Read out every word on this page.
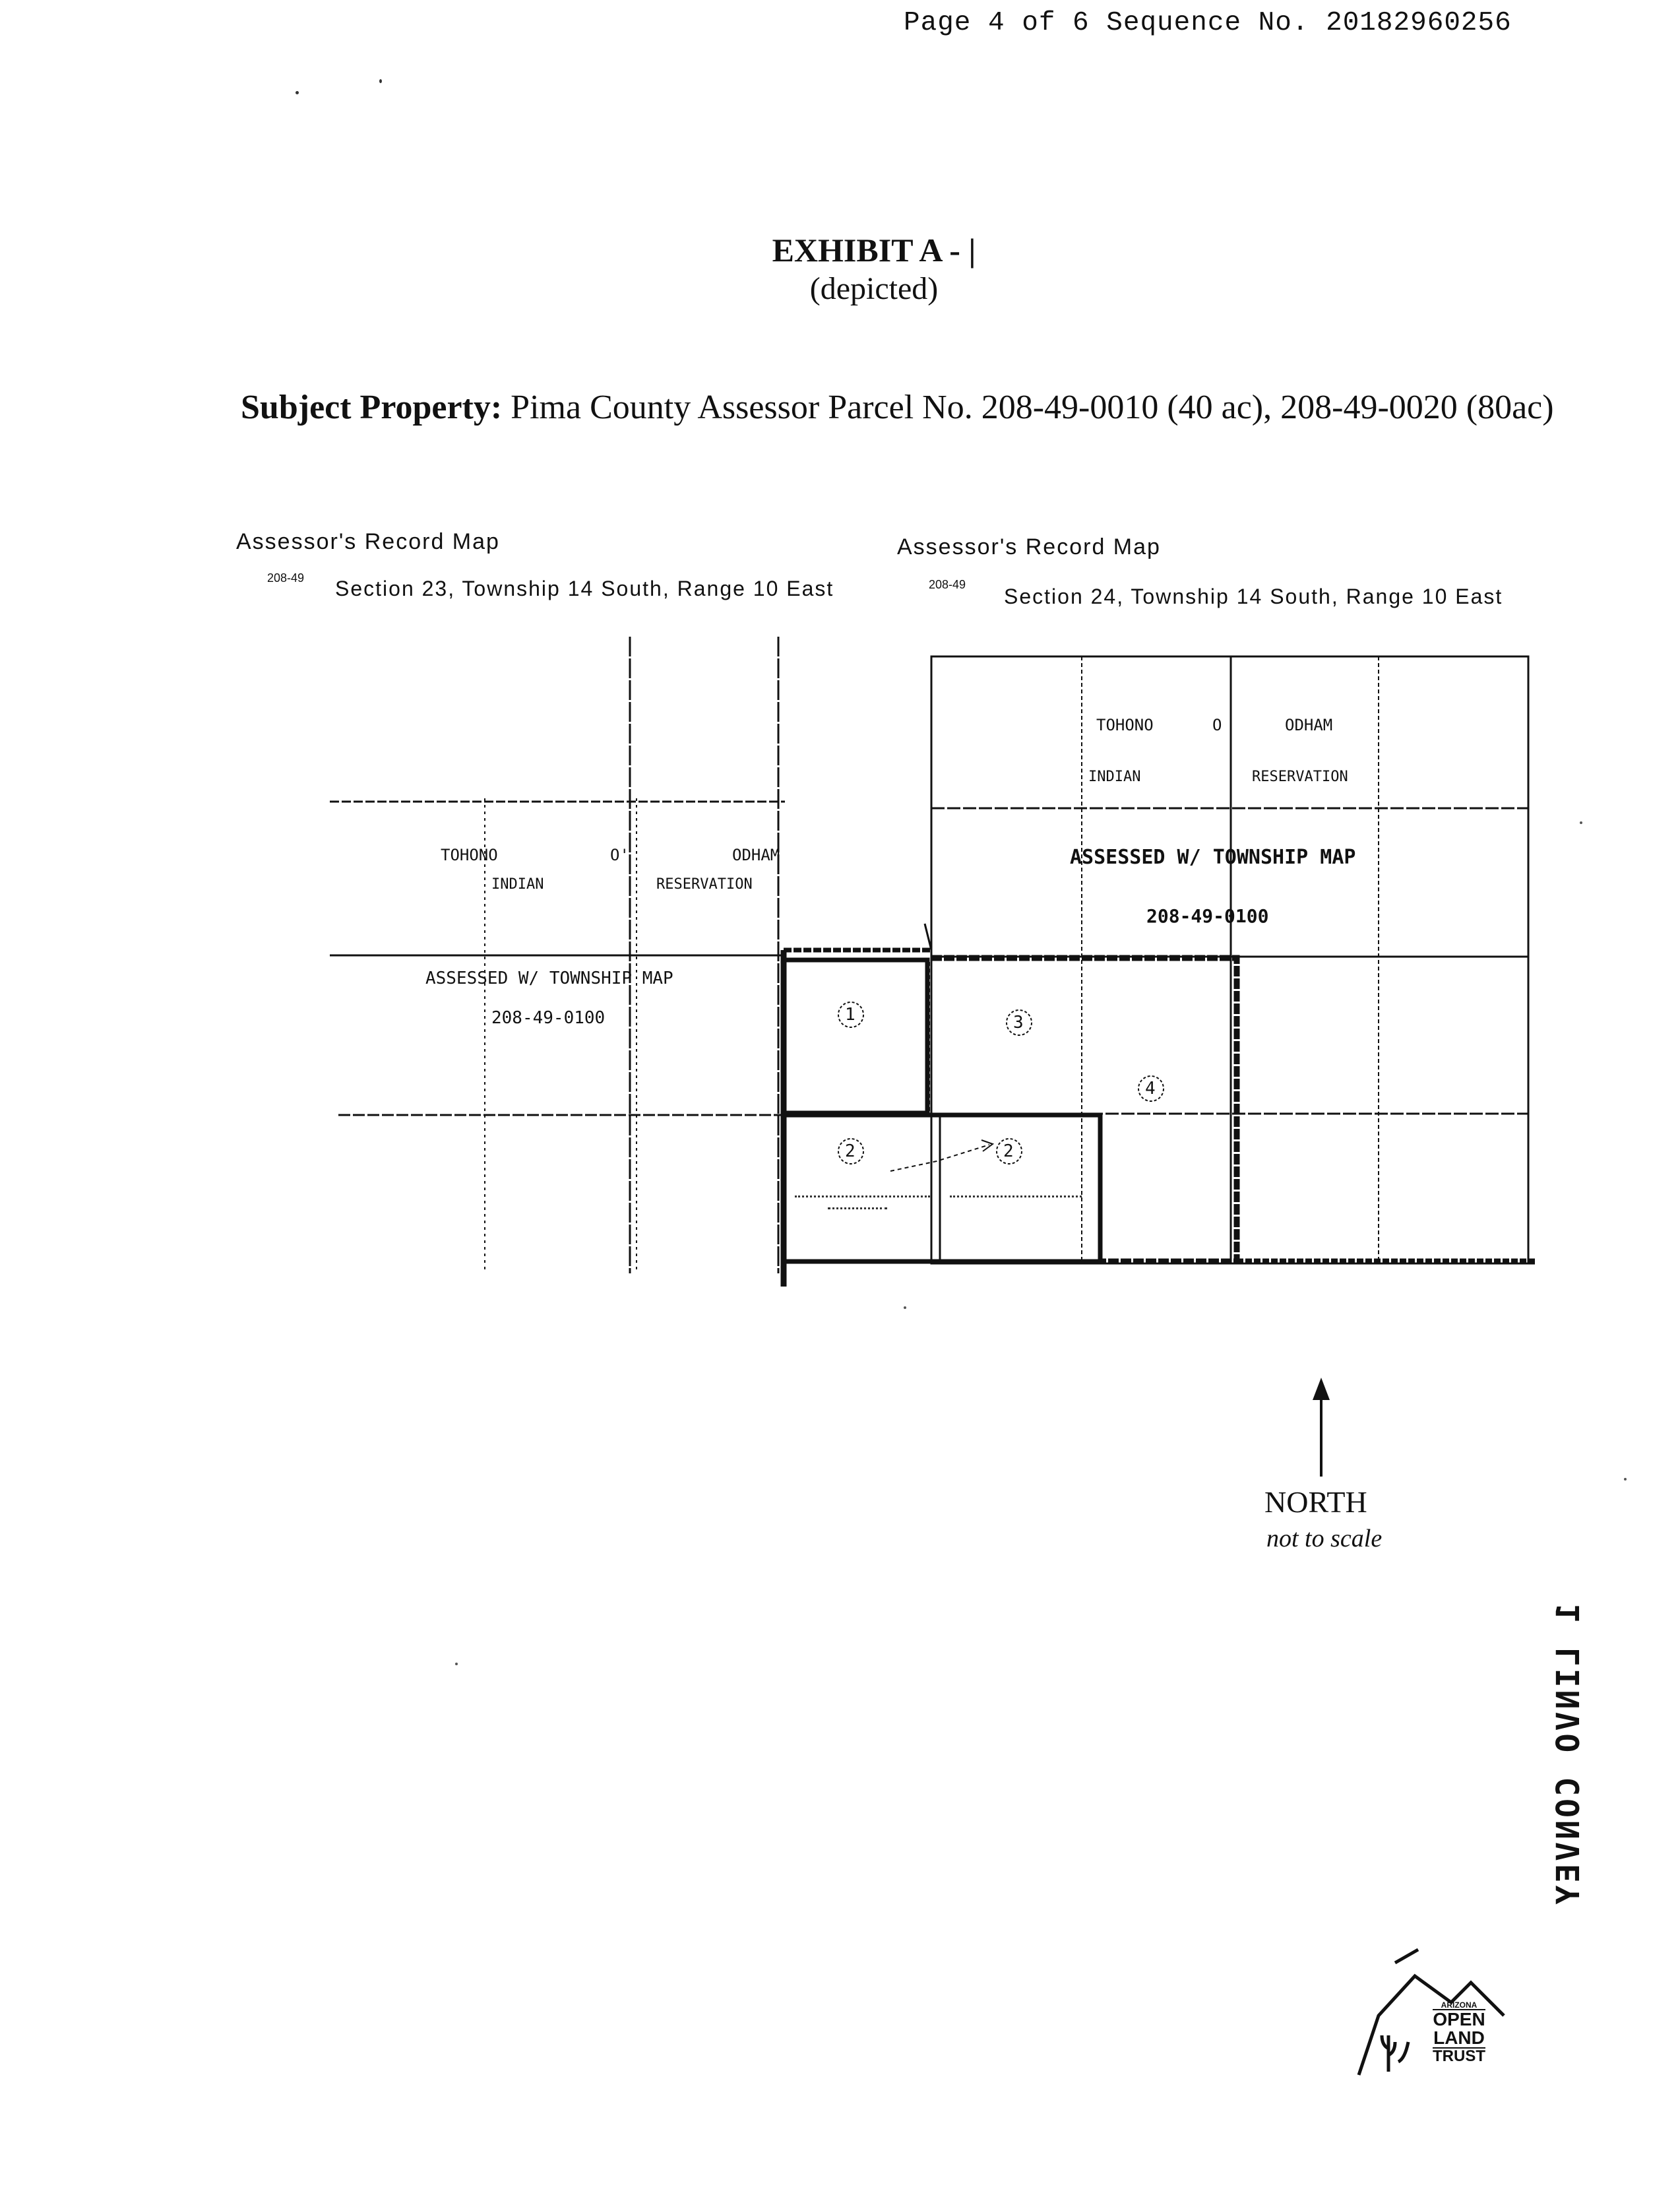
Page 4 of 6 Sequence No. 20182960256
EXHIBIT A - |
(depicted)
Subject Property: Pima County Assessor Parcel No. 208-49-0010 (40 ac), 208-49-0020 (80ac)
Assessor's Record Map
208-49 Section 23, Township 14 South, Range 10 East
Assessor's Record Map
208-49 Section 24, Township 14 South, Range 10 East
TOHONO	O'	ODHAM
INDIAN	RESERVATION
ASSESSED W/ TOWNSHIP MAP
208-49-0100
TOHONO	O	ODHAM
INDIAN	RESERVATION
ASSESSED W/ TOWNSHIP MAP
208-49-0100
1	3
4
2	2
NORTH
not to scale
1 LINVO CONVEY
ARIZONA
OPEN
LAND
TRUST
